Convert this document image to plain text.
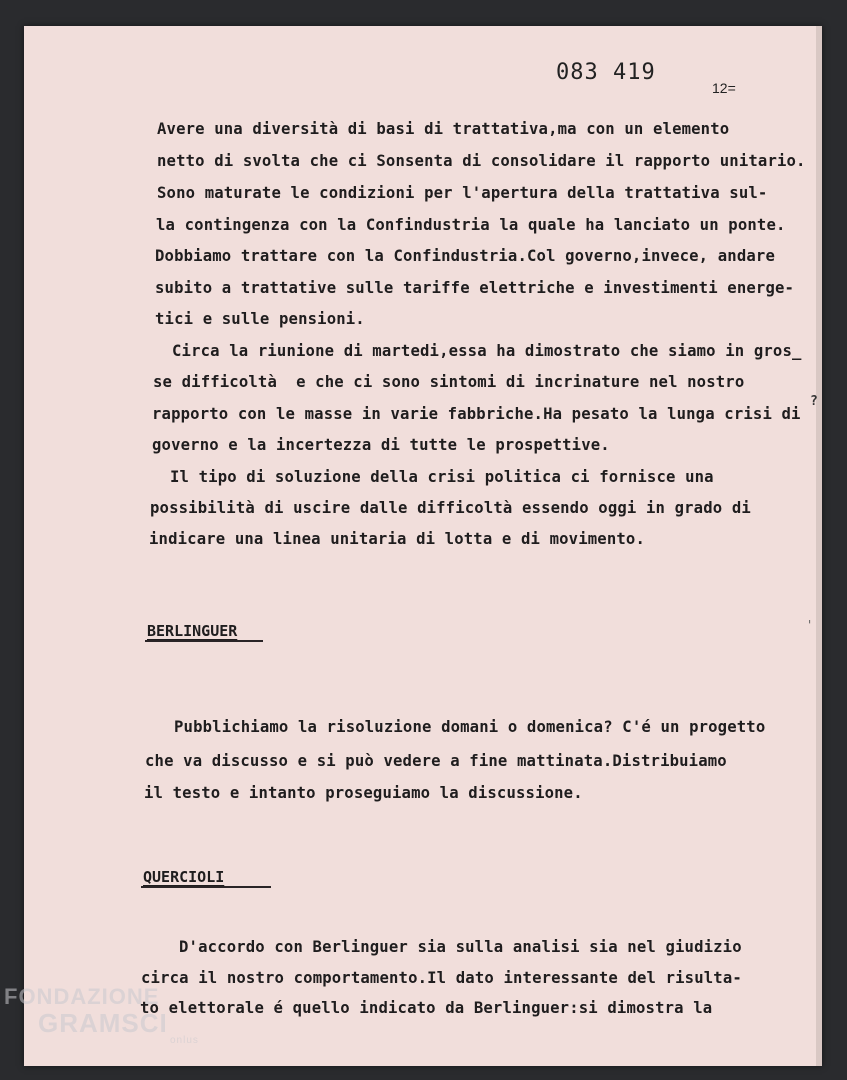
083 419
12=
?
'
Avere una diversità di basi di trattativa,ma con un elemento
netto di svolta che ci Sonsenta di consolidare il rapporto unitario.
Sono maturate le condizioni per l'apertura della trattativa sul-
la contingenza con la Confindustria la quale ha lanciato un ponte.
Dobbiamo trattare con la Confindustria.Col governo,invece, andare
subito a trattative sulle tariffe elettriche e investimenti energe-
tici e sulle pensioni.
Circa la riunione di martedi,essa ha dimostrato che siamo in gros_
se difficoltà  e che ci sono sintomi di incrinature nel nostro
rapporto con le masse in varie fabbriche.Ha pesato la lunga crisi di
governo e la incertezza di tutte le prospettive.
Il tipo di soluzione della crisi politica ci fornisce una
possibilità di uscire dalle difficoltà essendo oggi in grado di
indicare una linea unitaria di lotta e di movimento.
BERLINGUER
Pubblichiamo la risoluzione domani o domenica? C'é un progetto
che va discusso e si può vedere a fine mattinata.Distribuiamo
il testo e intanto proseguiamo la discussione.
QUERCIOLI
D'accordo con Berlinguer sia sulla analisi sia nel giudizio
circa il nostro comportamento.Il dato interessante del risulta-
to elettorale é quello indicato da Berlinguer:si dimostra la
FONDAZIONE
GRAMSCI
onlus
